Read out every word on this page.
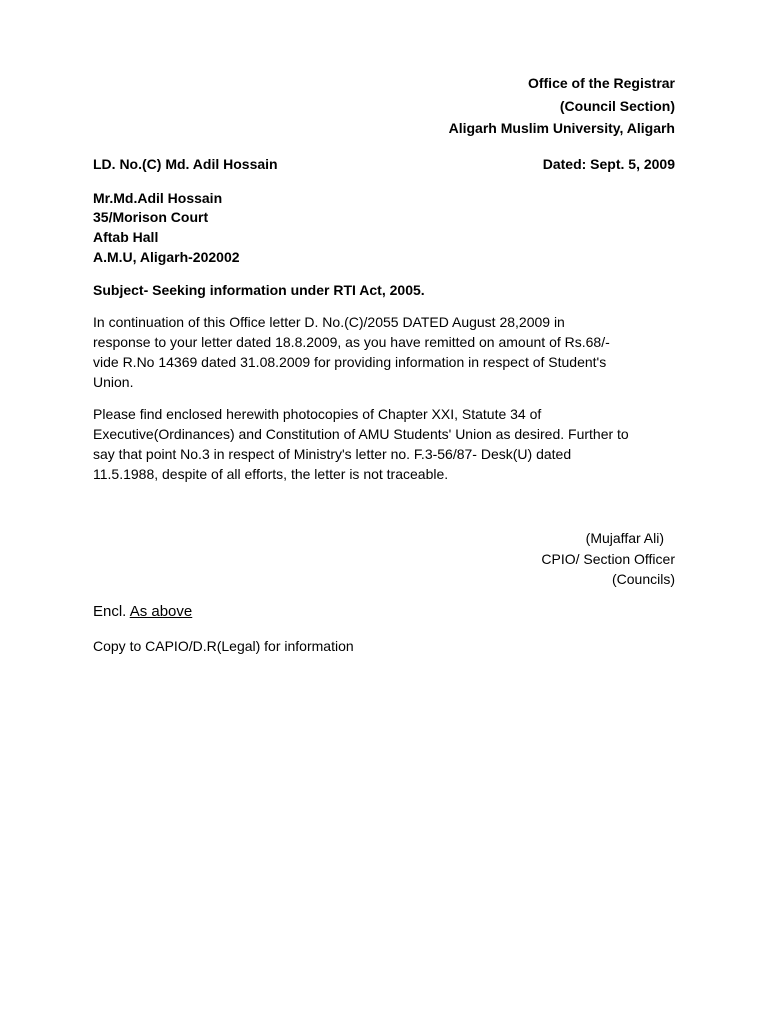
Office of the Registrar
(Council Section)
Aligarh Muslim University, Aligarh
LD. No.(C) Md. Adil Hossain	Dated: Sept. 5, 2009
Mr.Md.Adil Hossain
35/Morison Court
Aftab Hall
A.M.U, Aligarh-202002
Subject- Seeking information under RTI Act, 2005.
In continuation of this Office letter D. No.(C)/2055 DATED August 28,2009 in
response to your letter dated 18.8.2009, as you have remitted on amount of Rs.68/-
vide R.No 14369 dated 31.08.2009 for providing information in respect of Student's
Union.
Please find enclosed herewith photocopies of Chapter XXI, Statute 34 of
Executive(Ordinances) and Constitution of AMU Students' Union as desired. Further to
say that point No.3 in respect of Ministry's letter no. F.3-56/87- Desk(U) dated
11.5.1988, despite of all efforts, the letter is not traceable.
(Mujaffar Ali)
CPIO/ Section Officer
(Councils)
Encl. As above
Copy to CAPIO/D.R(Legal) for information
